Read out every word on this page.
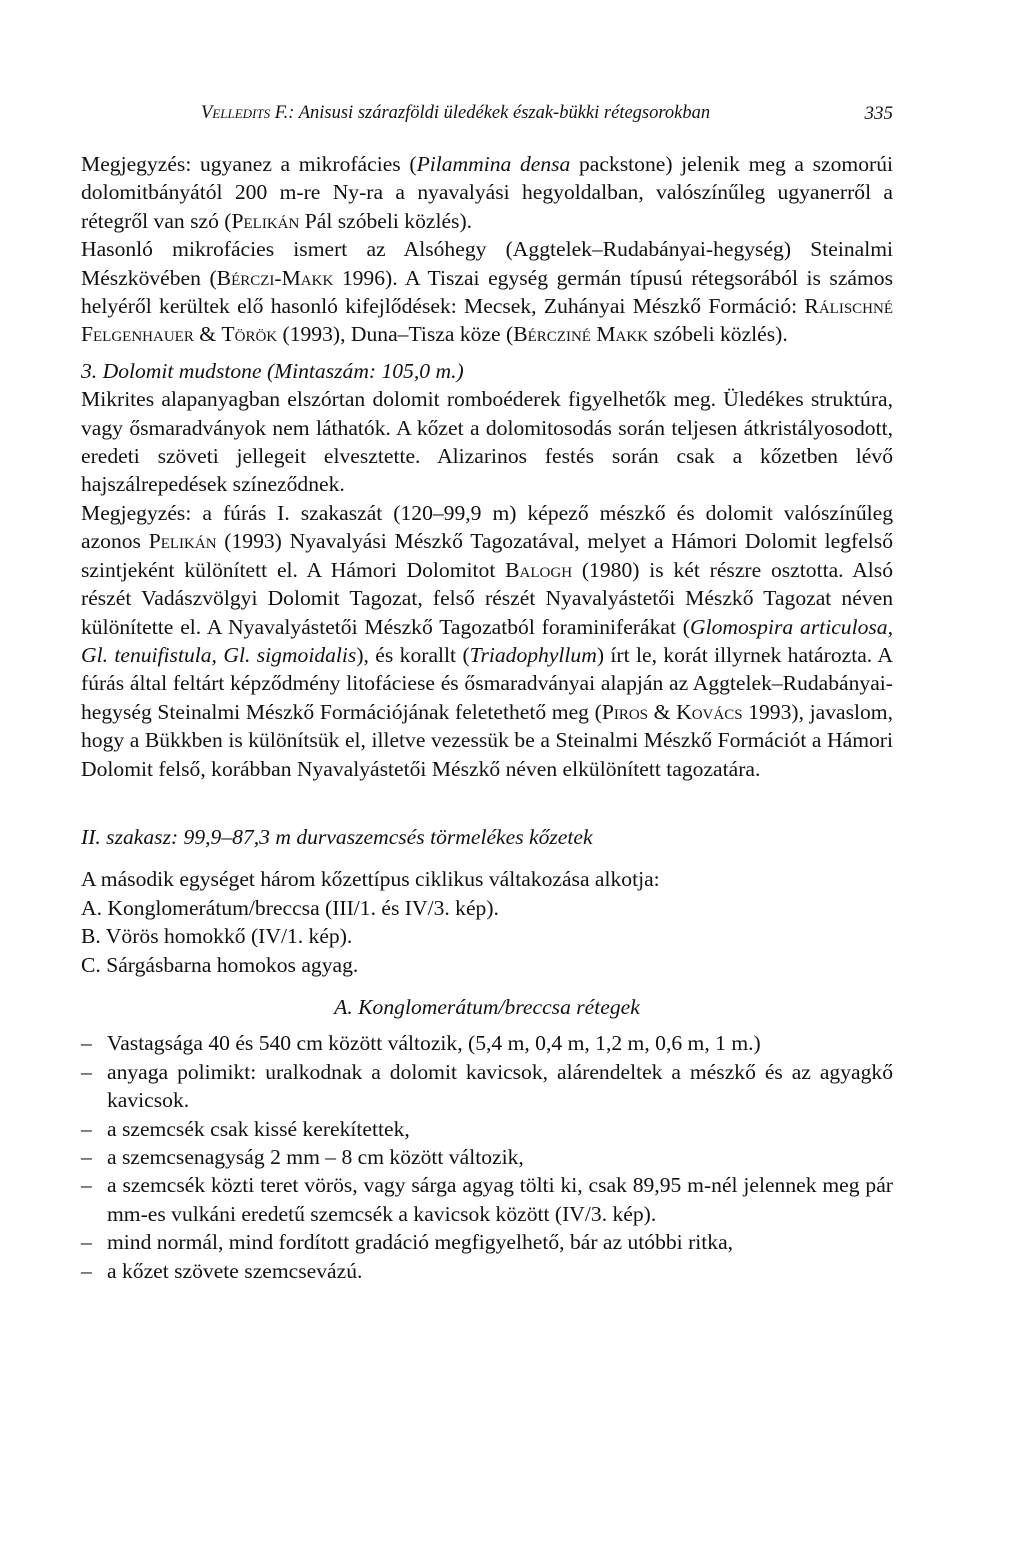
Velledits F.: Anisusi szárazföldi üledékek észak-bükki rétegsorokban	335

Megjegyzés: ugyanez a mikrofácies (Pilammina densa packstone) jelenik meg a szomorúi dolomitbányától 200 m-re Ny-ra a nyavalyási hegyoldalban, valószínűleg ugyanerről a rétegről van szó (Pelikán Pál szóbeli közlés).

Hasonló mikrofácies ismert az Alsóhegy (Aggtelek–Rudabányai-hegység) Steinalmi Mészkövében (Bérczi-Makk 1996). A Tiszai egység germán típusú rétegsorából is számos helyéről kerültek elő hasonló kifejlődések: Mecsek, Zuhányai Mészkő Formáció: Rálischné Felgenhauer & Török (1993), Duna–Tisza köze (Bércziné Makk szóbeli közlés).

3. Dolomit mudstone (Mintaszám: 105,0 m.)

Mikrites alapanyagban elszórtan dolomit romboéderek figyelhetők meg. Üledékes struktúra, vagy ősmaradványok nem láthatók. A kőzet a dolomitosodás során teljesen átkristályosodott, eredeti szöveti jellegeit elvesztette. Alizarinos festés során csak a kőzetben lévő hajszálrepedések színeződnek.

Megjegyzés: a fúrás I. szakaszát (120–99,9 m) képező mészkő és dolomit valószínűleg azonos Pelikán (1993) Nyavalyási Mészkő Tagozatával, melyet a Hámori Dolomit legfelső szintjeként különített el. A Hámori Dolomitot Balogh (1980) is két részre osztotta. Alsó részét Vadászvölgyi Dolomit Tagozat, felső részét Nyavalyástetői Mészkő Tagozat néven különítette el. A Nyavalyástetői Mészkő Tagozatból foraminiferákat (Glomospira articulosa, Gl. tenuifistula, Gl. sigmoidalis), és korallt (Triadophyllum) írt le, korát illyrnek határozta. A fúrás által feltárt képződmény litofáciese és ősmaradványai alapján az Aggtelek–Rudabányai-hegység Steinalmi Mészkő Formációjának feletethető meg (Piros & Kovács 1993), javaslom, hogy a Bükkben is különítsük el, illetve vezessük be a Steinalmi Mészkő Formációt a Hámori Dolomit felső, korábban Nyavalyástetői Mészkő néven elkülönített tagozatára.

II. szakasz: 99,9–87,3 m durvaszemcsés törmelékes kőzetek

A második egységet három kőzettípus ciklikus váltakozása alkotja:

A. Konglomerátum/breccsa (III/1. és IV/3. kép).

B. Vörös homokkő (IV/1. kép).

C. Sárgásbarna homokos agyag.

A. Konglomerátum/breccsa rétegek

– Vastagsága 40 és 540 cm között változik, (5,4 m, 0,4 m, 1,2 m, 0,6 m, 1 m.)

– anyaga polimikt: uralkodnak a dolomit kavicsok, alárendeltek a mészkő és az agyagkő kavicsok.

– a szemcsék csak kissé kerekítettek,

– a szemcsenagyság 2 mm – 8 cm között változik,

– a szemcsék közti teret vörös, vagy sárga agyag tölti ki, csak 89,95 m-nél jelennek meg pár mm-es vulkáni eredetű szemcsék a kavicsok között (IV/3. kép).

– mind normál, mind fordított gradáció megfigyelhető, bár az utóbbi ritka,

– a kőzet szövete szemcsevázú.
